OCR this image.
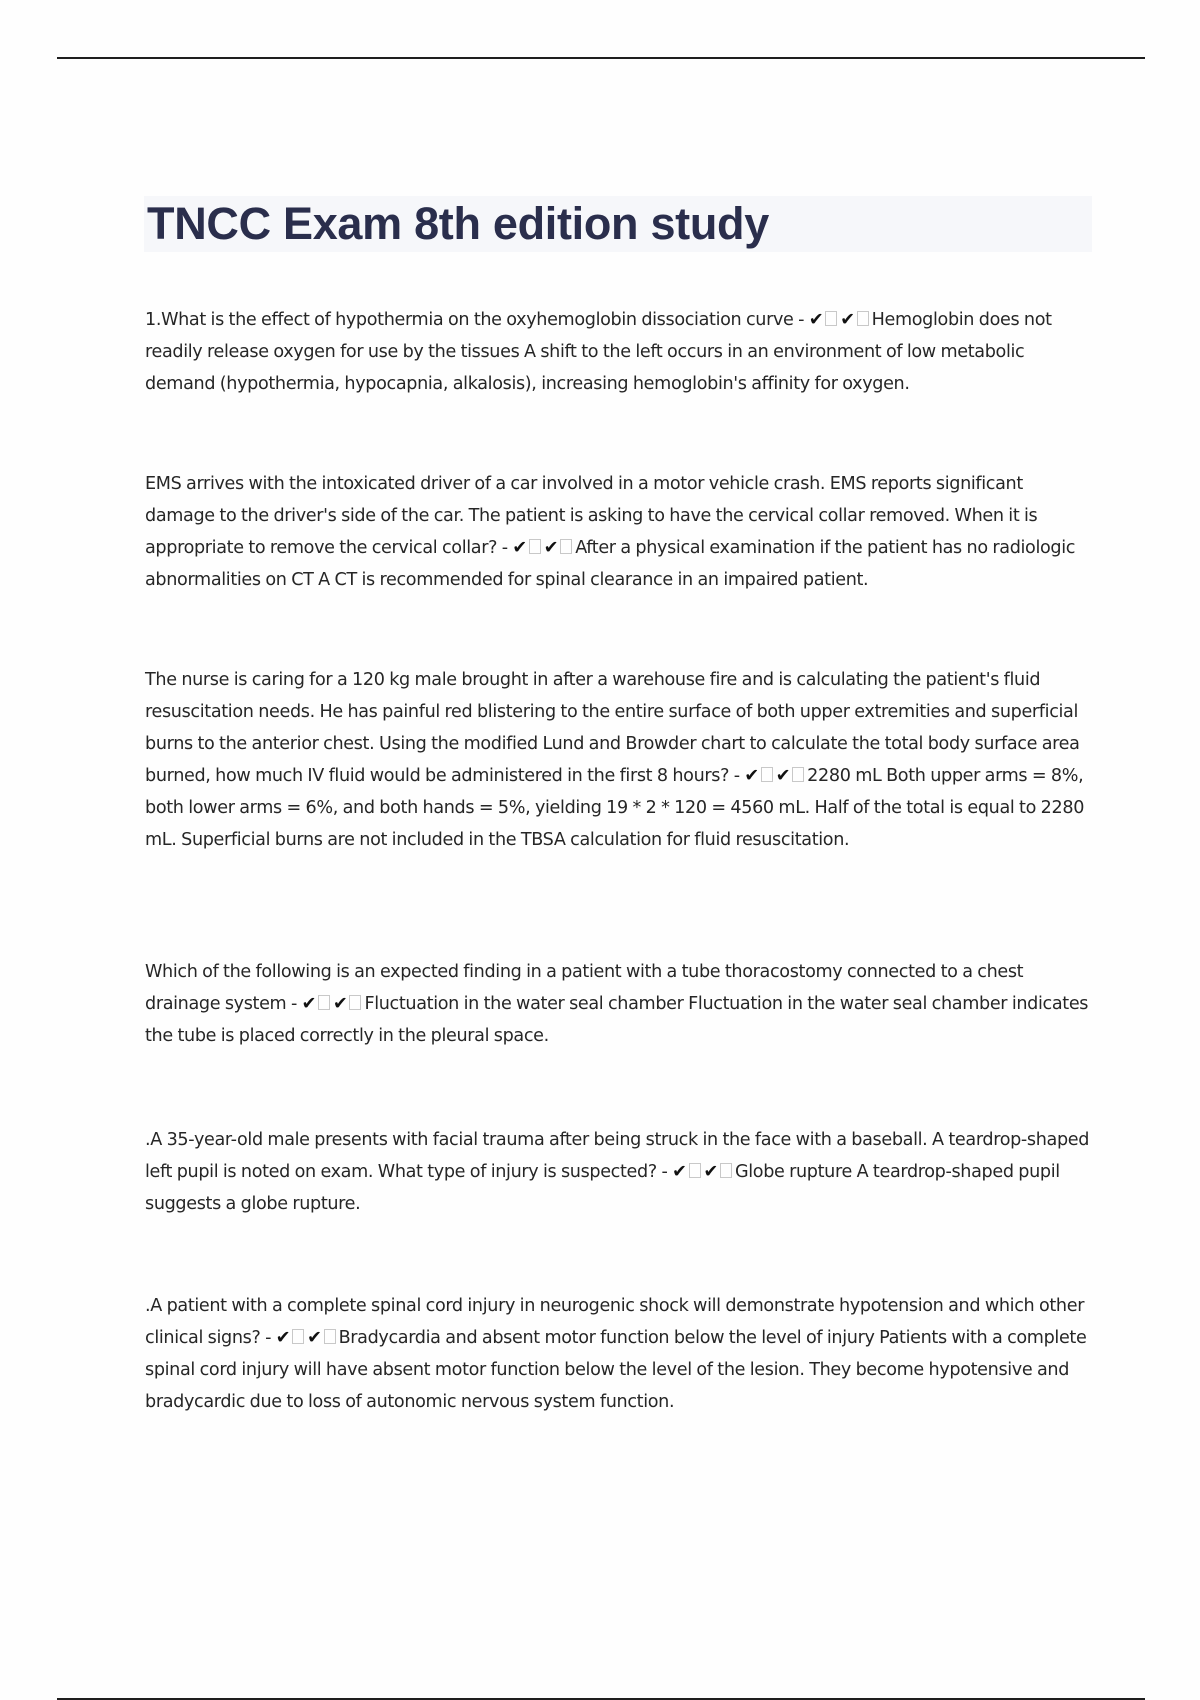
TNCC Exam 8th edition study

1.What is the effect of hypothermia on the oxyhemoglobin dissociation curve - ✔ ✔ Hemoglobin does not readily release oxygen for use by the tissues A shift to the left occurs in an environment of low metabolic demand (hypothermia, hypocapnia, alkalosis), increasing hemoglobin's affinity for oxygen.

EMS arrives with the intoxicated driver of a car involved in a motor vehicle crash. EMS reports significant damage to the driver's side of the car. The patient is asking to have the cervical collar removed. When it is appropriate to remove the cervical collar? - ✔ ✔ After a physical examination if the patient has no radiologic abnormalities on CT A CT is recommended for spinal clearance in an impaired patient.

The nurse is caring for a 120 kg male brought in after a warehouse fire and is calculating the patient's fluid resuscitation needs. He has painful red blistering to the entire surface of both upper extremities and superficial burns to the anterior chest. Using the modified Lund and Browder chart to calculate the total body surface area burned, how much IV fluid would be administered in the first 8 hours? - ✔ ✔ 2280 mL Both upper arms = 8%, both lower arms = 6%, and both hands = 5%, yielding 19 * 2 * 120 = 4560 mL. Half of the total is equal to 2280 mL. Superficial burns are not included in the TBSA calculation for fluid resuscitation.

Which of the following is an expected finding in a patient with a tube thoracostomy connected to a chest drainage system - ✔ ✔ Fluctuation in the water seal chamber Fluctuation in the water seal chamber indicates the tube is placed correctly in the pleural space.

.A 35-year-old male presents with facial trauma after being struck in the face with a baseball. A teardrop-shaped left pupil is noted on exam. What type of injury is suspected? - ✔ ✔ Globe rupture A teardrop-shaped pupil suggests a globe rupture.

.A patient with a complete spinal cord injury in neurogenic shock will demonstrate hypotension and which other clinical signs? - ✔ ✔ Bradycardia and absent motor function below the level of injury Patients with a complete spinal cord injury will have absent motor function below the level of the lesion. They become hypotensive and bradycardic due to loss of autonomic nervous system function.
